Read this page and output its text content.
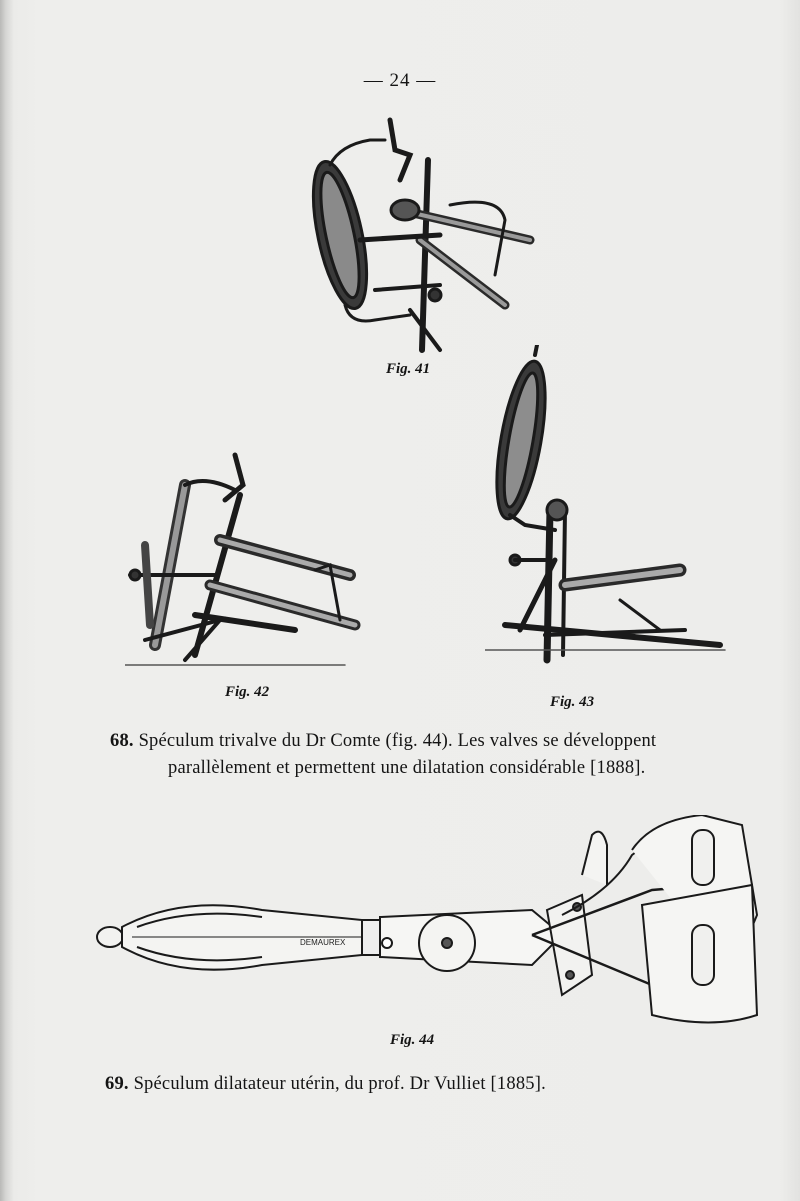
— 24 —
Fig. 41
Fig. 42
Fig. 43
68. Spéculum trivalve du Dr Comte (fig. 44). Les valves se développent
parallèlement et permettent une dilatation considérable [1888].
DEMAUREX
Fig. 44
69. Spéculum dilatateur utérin, du prof. Dr Vulliet [1885].
